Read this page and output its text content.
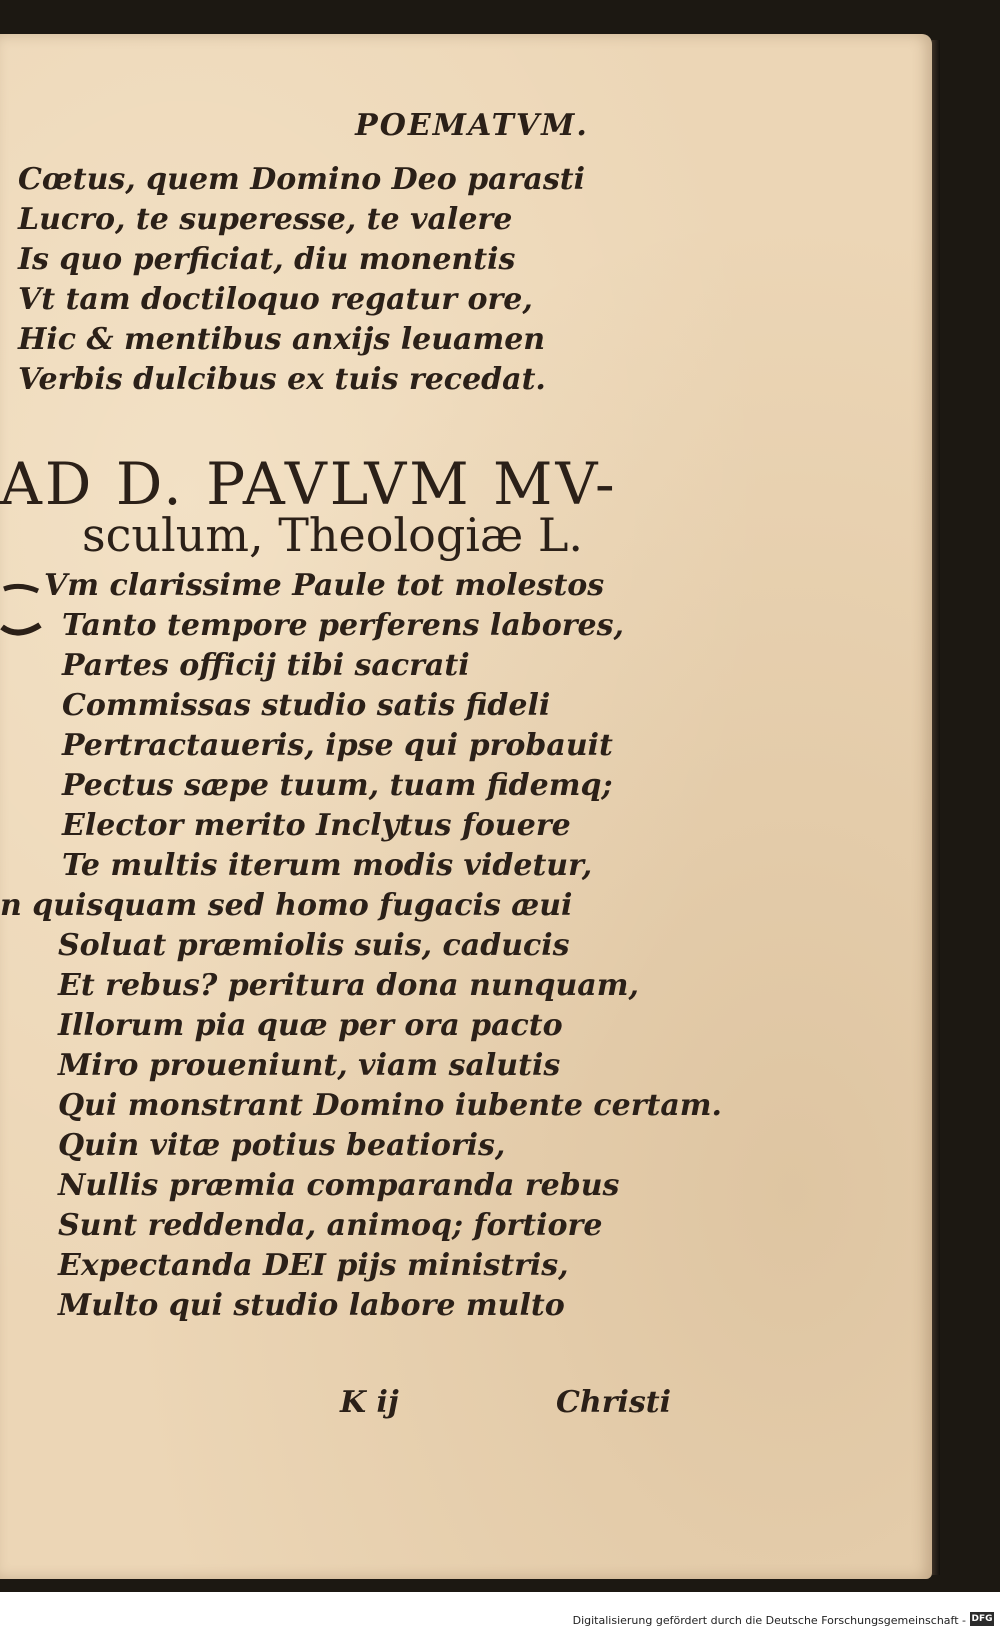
POEMATVM.
Cœtus, quem Domino Deo parasti
Lucro, te superesse, te valere
Is quo perficiat, diu monentis
Vt tam doctiloquo regatur ore,
Hic & mentibus anxijs leuamen
Verbis dulcibus ex tuis recedat.
AD D. PAVLVM MV-
sculum, Theologiæ L.
Vm clarissime Paule tot molestos
Tanto tempore perferens labores,
Partes officij tibi sacrati
Commissas studio satis fideli
Pertractaueris, ipse qui probauit
Pectus sæpe tuum, tuam fidemq;
Elector merito Inclytus fouere
Te multis iterum modis videtur,
n quisquam sed homo fugacis æui
Soluat præmiolis suis, caducis
Et rebus? peritura dona nunquam,
Illorum pia quæ per ora pacto
Miro proueniunt, viam salutis
Qui monstrant Domino iubente certam.
Quin vitæ potius beatioris,
Nullis præmia comparanda rebus
Sunt reddenda, animoq; fortiore
Expectanda DEI pijs ministris,
Multo qui studio labore multo
K ij	Christi
Digitalisierung gefördert durch die Deutsche Forschungsgemeinschaft - DFG
